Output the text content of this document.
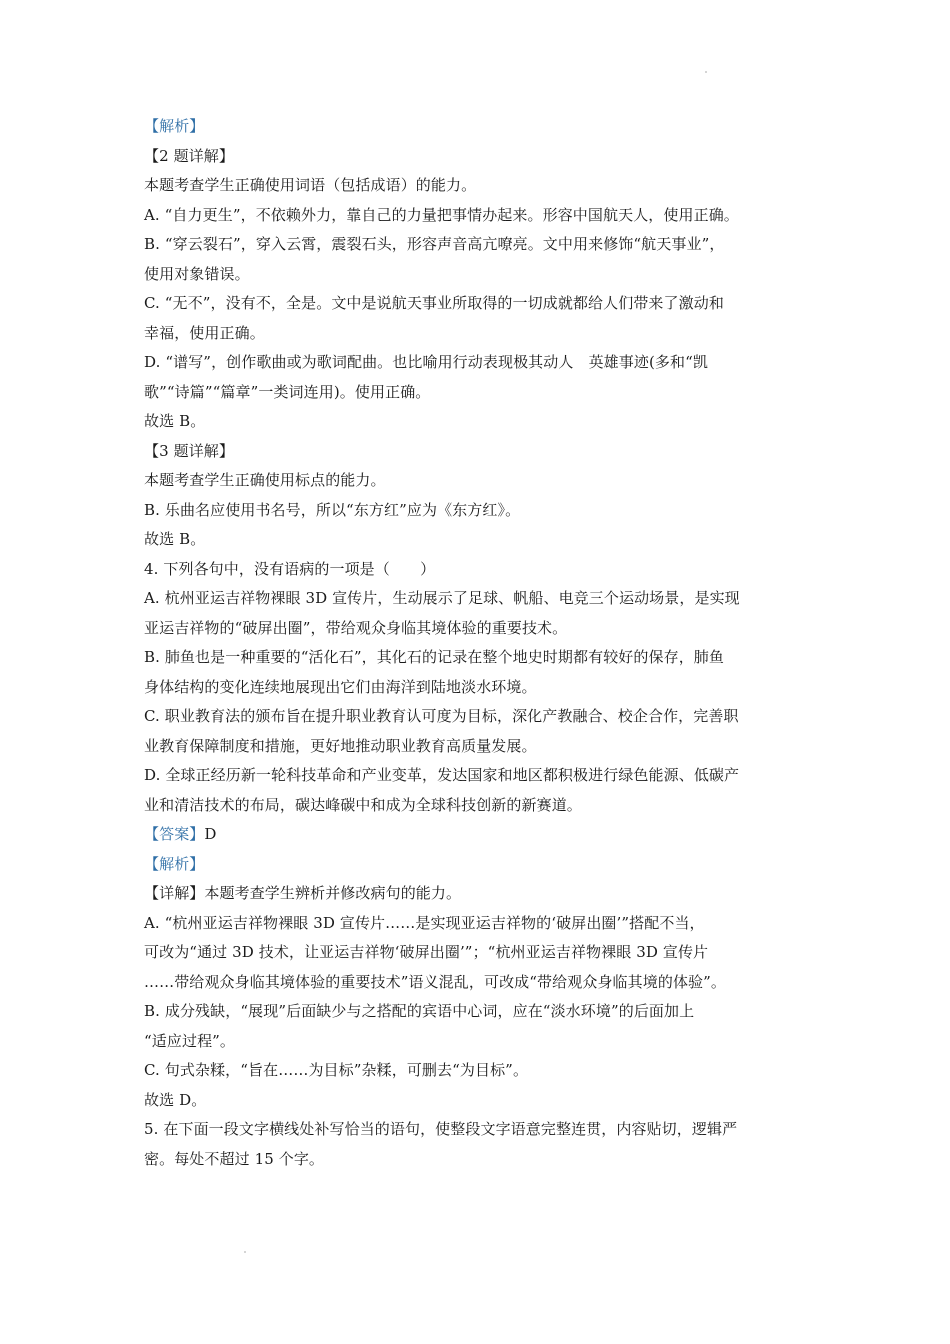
【解析】
【2 题详解】
本题考查学生正确使用词语（包括成语）的能力。
A. “自力更生”，不依赖外力，靠自己的力量把事情办起来。形容中国航天人，使用正确。
B. “穿云裂石”，穿入云霄，震裂石头，形容声音高亢嘹亮。文中用来修饰“航天事业”，
使用对象错误。
C. “无不”，没有不，全是。文中是说航天事业所取得的一切成就都给人们带来了激动和
幸福，使用正确。
D. “谱写”，创作歌曲或为歌词配曲。也比喻用行动表现极其动人　英雄事迹(多和“凯
歌”“诗篇”“篇章”一类词连用)。使用正确。
故选 B。
【3 题详解】
本题考查学生正确使用标点的能力。
B. 乐曲名应使用书名号，所以“东方红”应为《东方红》。
故选 B。
4. 下列各句中，没有语病的一项是（　　）
A. 杭州亚运吉祥物裸眼 3D 宣传片，生动展示了足球、帆船、电竞三个运动场景，是实现
亚运吉祥物的“破屏出圈”，带给观众身临其境体验的重要技术。
B. 肺鱼也是一种重要的“活化石”，其化石的记录在整个地史时期都有较好的保存，肺鱼
身体结构的变化连续地展现出它们由海洋到陆地淡水环境。
C. 职业教育法的颁布旨在提升职业教育认可度为目标，深化产教融合、校企合作，完善职
业教育保障制度和措施，更好地推动职业教育高质量发展。
D. 全球正经历新一轮科技革命和产业变革，发达国家和地区都积极进行绿色能源、低碳产
业和清洁技术的布局，碳达峰碳中和成为全球科技创新的新赛道。
【答案】D
【解析】
【详解】本题考查学生辨析并修改病句的能力。
A. “杭州亚运吉祥物裸眼 3D 宣传片……是实现亚运吉祥物的‘破屏出圈’”搭配不当，
可改为“通过 3D 技术，让亚运吉祥物‘破屏出圈’”；“杭州亚运吉祥物裸眼 3D 宣传片
……带给观众身临其境体验的重要技术”语义混乱，可改成“带给观众身临其境的体验”。
B. 成分残缺，“展现”后面缺少与之搭配的宾语中心词，应在“淡水环境”的后面加上
“适应过程”。
C. 句式杂糅，“旨在……为目标”杂糅，可删去“为目标”。
故选 D。
5. 在下面一段文字横线处补写恰当的语句，使整段文字语意完整连贯，内容贴切，逻辑严
密。每处不超过 15 个字。
